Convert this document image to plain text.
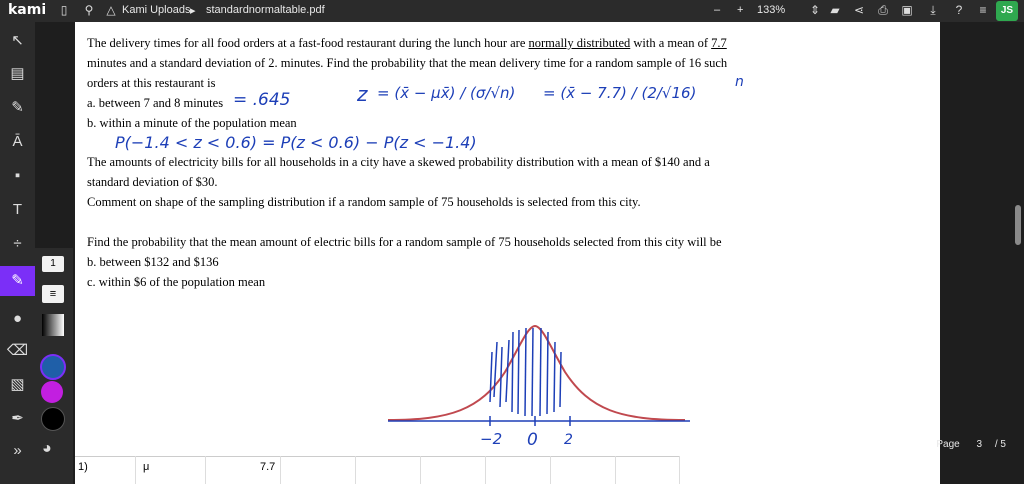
kami	▯	⚲ △ Kami Uploads ▸ standardnormaltable.pdf	– + 133% ⇕ ▰ ⋖ ⎙ ▣	⤓	?	≡	JS
↖
▤
✎
Ā
▪
T
÷
✎
●
⌫
▧
✒
»
1
≡
◕
The delivery times for all food orders at a fast-food restaurant during the lunch hour are normally distributed with a mean of 7.7
minutes and a standard deviation of 2. minutes. Find the probability that the mean delivery time for a random sample of 16 such
orders at this restaurant is
a. between 7 and 8 minutes
b. within a minute of the population mean
The amounts of electricity bills for all households in a city have a skewed probability distribution with a mean of $140 and a
standard deviation of $30.
Comment on shape of the sampling distribution if a random sample of 75 households is selected from this city.
Find the probability that the mean amount of electric bills for a random sample of 75 households selected from this city will be
b. between $132 and $136
c. within $6 of the population mean
= .645	z = (x̄ − μx̄) / (σ/√n) = (x̄ − 7.7) / (2/√16)
n
P(−1.4 < z < 0.6) = P(z < 0.6) − P(z < −1.4)
−2 0 2
1)	μ	7.7
Page 3 / 5
